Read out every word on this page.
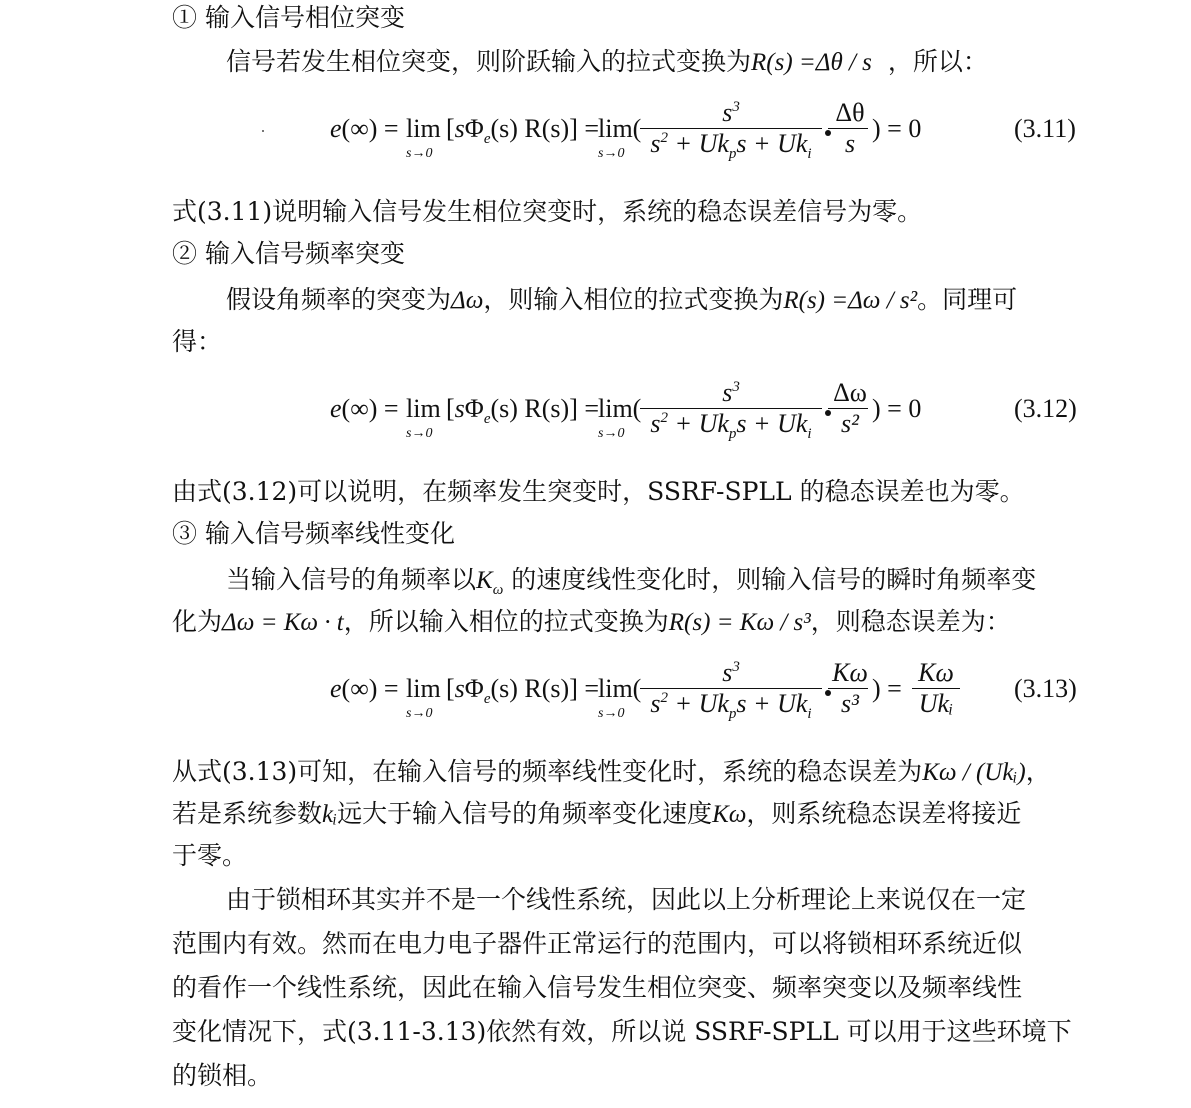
① 输入信号相位突变
信号若发生相位突变，则阶跃输入的拉式变换为R(s) =Δθ / s ，所以：
e(∞) = lim
s→0
$[s\Phi_e(s) R(s)]$ =
lim(
s→0
$s^3$
$s^2 + Uk_ps + Uk_i$
Δθ
s
) = 0	(3.11)
式(3.11)说明输入信号发生相位突变时，系统的稳态误差信号为零。
② 输入信号频率突变
假设角频率的突变为Δω，则输入相位的拉式变换为R(s) =Δω / s²。同理可
得：
e(∞) = lim
s→0
$[s\Phi_e(s) R(s)]$ =
lim(
s→0
$s^3$
$s^2 + Uk_ps + Uk_i$
Δω
s²
) = 0	(3.12)
由式(3.12)可以说明，在频率发生突变时，SSRF-SPLL 的稳态误差也为零。
③ 输入信号频率线性变化
当输入信号的角频率以$K_\omega$ 的速度线性变化时，则输入信号的瞬时角频率变
化为Δω = Kω · t，所以输入相位的拉式变换为R(s) = Kω / s³，则稳态误差为：
e(∞) = lim
s→0
$[s\Phi_e(s) R(s)]$ =
lim(
s→0
$s^3$
$s^2 + Uk_ps + Uk_i$
Kω
s³
) =
Kω
Ukᵢ
(3.13)
从式(3.13)可知，在输入信号的频率线性变化时，系统的稳态误差为Kω / (Ukᵢ)，
若是系统参数kᵢ远大于输入信号的角频率变化速度Kω，则系统稳态误差将接近
于零。
由于锁相环其实并不是一个线性系统，因此以上分析理论上来说仅在一定
范围内有效。然而在电力电子器件正常运行的范围内，可以将锁相环系统近似
的看作一个线性系统，因此在输入信号发生相位突变、频率突变以及频率线性
变化情况下，式(3.11-3.13)依然有效，所以说 SSRF-SPLL 可以用于这些环境下
的锁相。
